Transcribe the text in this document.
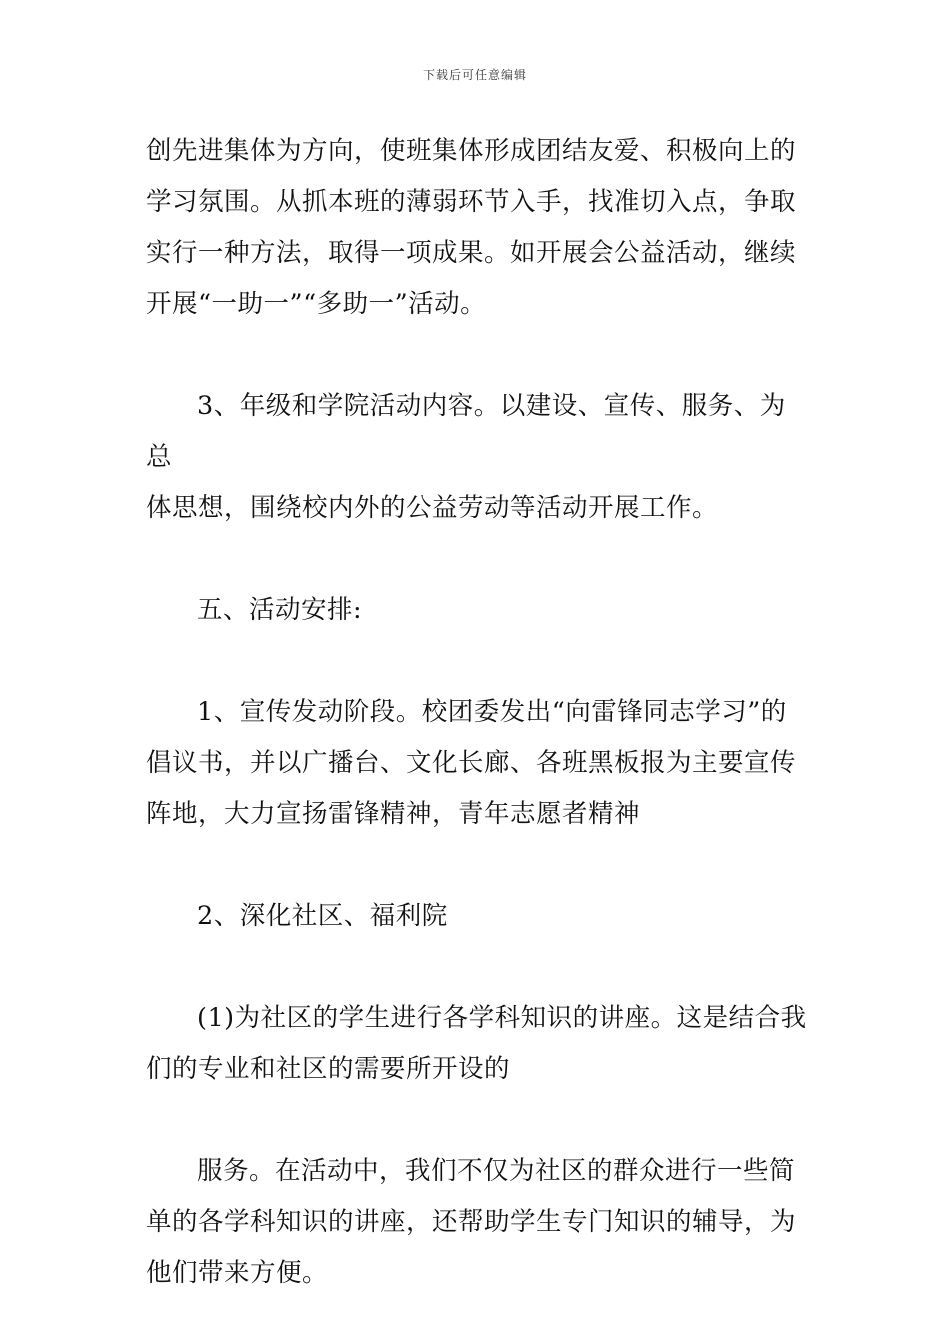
下载后可任意编辑

创先进集体为方向，使班集体形成团结友爱、积极向上的

学习氛围。从抓本班的薄弱环节入手，找准切入点，争取

实行一种方法，取得一项成果。如开展会公益活动，继续

开展“一助一”“多助一”活动。

3、年级和学院活动内容。以建设、宣传、服务、为总

体思想，围绕校内外的公益劳动等活动开展工作。

五、活动安排:

1、宣传发动阶段。校团委发出“向雷锋同志学习”的

倡议书，并以广播台、文化长廊、各班黑板报为主要宣传

阵地，大力宣扬雷锋精神，青年志愿者精神

2、深化社区、福利院

(1)为社区的学生进行各学科知识的讲座。这是结合我

们的专业和社区的需要所开设的

服务。在活动中，我们不仅为社区的群众进行一些简

单的各学科知识的讲座，还帮助学生专门知识的辅导，为

他们带来方便。
